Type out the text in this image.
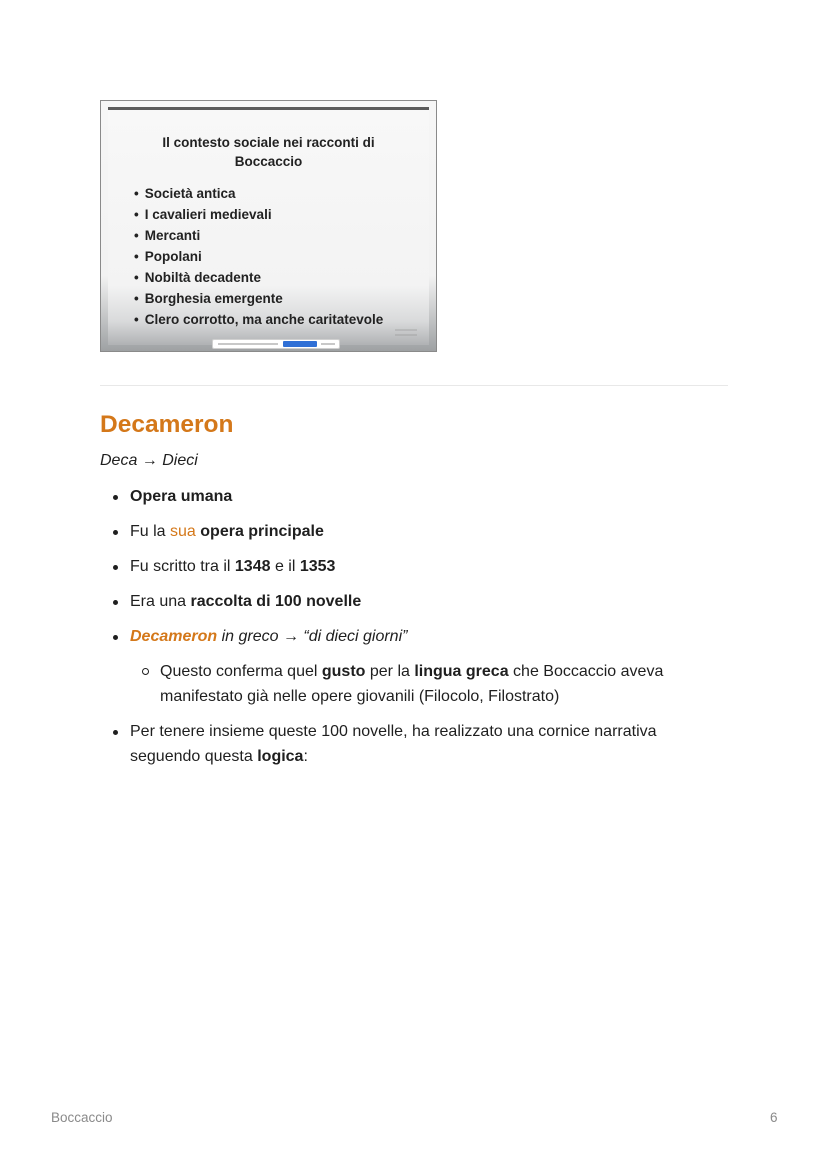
Il contesto sociale nei racconti di Boccaccio
• Società antica
• I cavalieri medievali
• Mercanti
• Popolani
• Nobiltà decadente
• Borghesia emergente
• Clero corrotto, ma anche caritatevole
Decameron
Deca → Dieci
Opera umana
Fu la sua opera principale
Fu scritto tra il 1348 e il 1353
Era una raccolta di 100 novelle
Decameron in greco → “di dieci giorni”
Questo conferma quel gusto per la lingua greca che Boccaccio aveva
manifestato già nelle opere giovanili (Filocolo, Filostrato)
Per tenere insieme queste 100 novelle, ha realizzato una cornice narrativa
seguendo questa logica:
Boccaccio	6
